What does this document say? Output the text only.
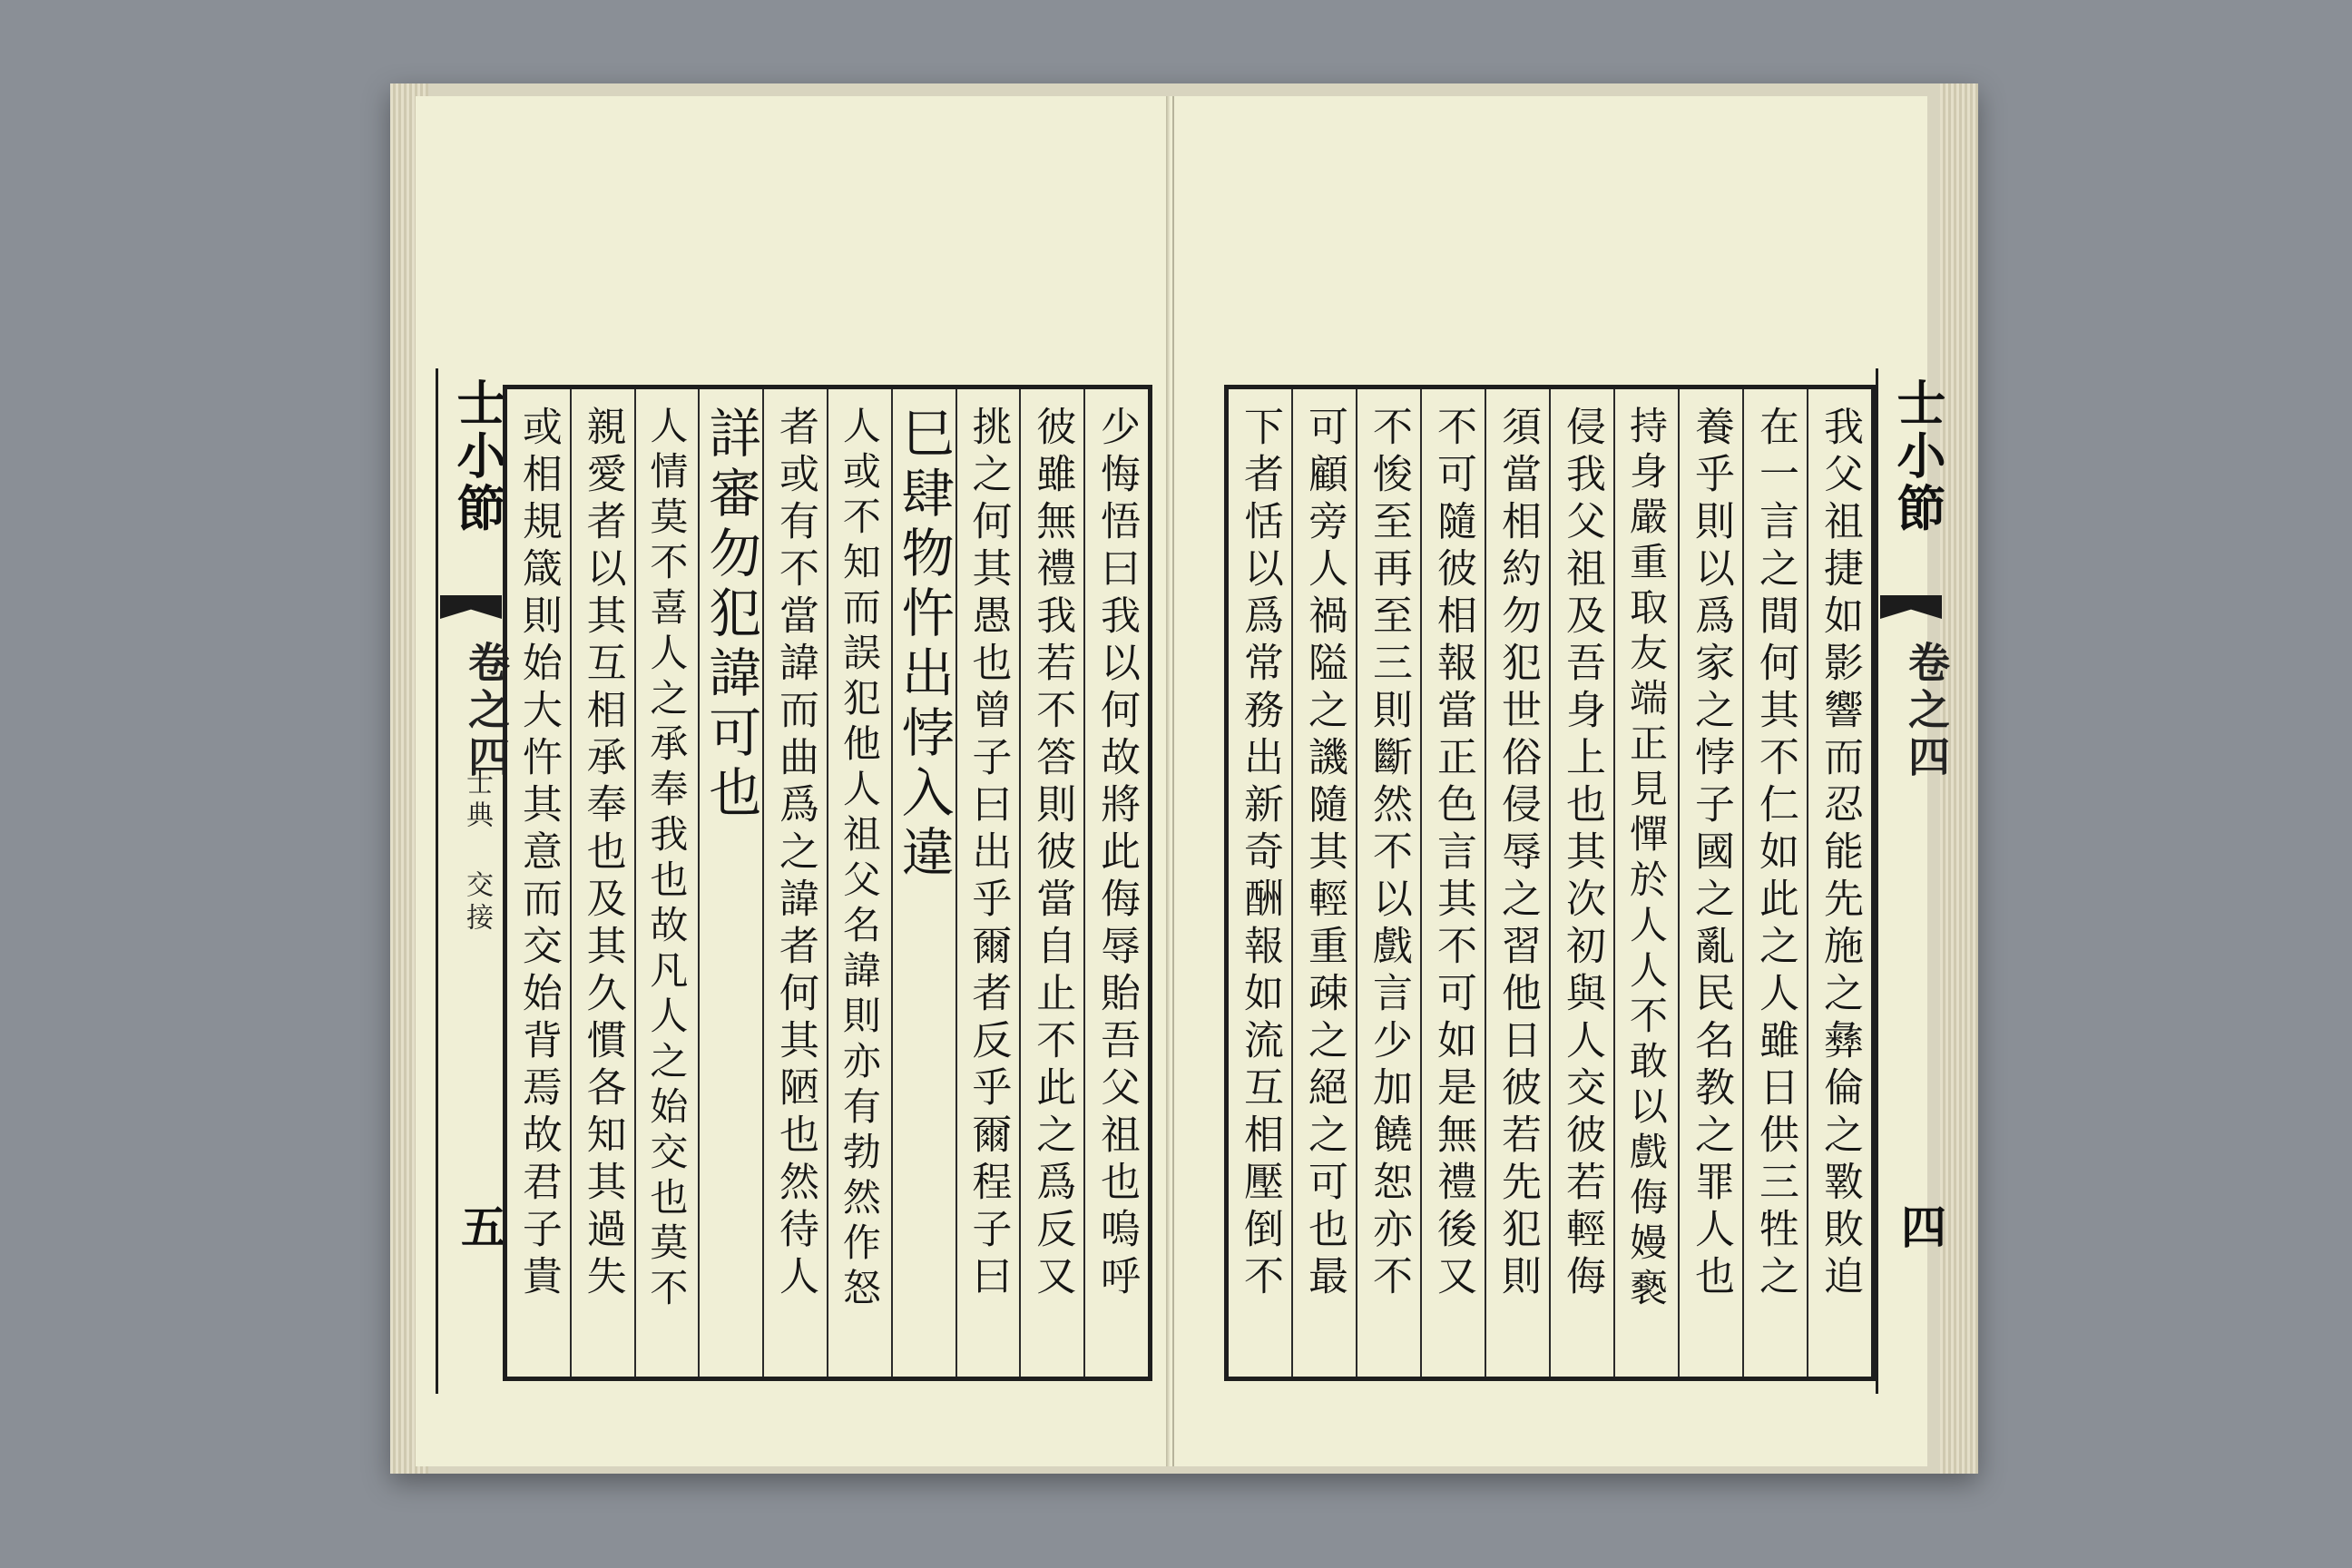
士小節
卷之四
士典 交接
五	少悔悟曰我以何故將此侮辱貽吾父祖也嗚呼
彼雖無禮我若不答則彼當自止不此之爲反又
挑之何其愚也曾子曰出乎爾者反乎爾程子曰
巳肆物忤出悖入違
人或不知而誤犯他人祖父名諱則亦有勃然作怒
者或有不當諱而曲爲之諱者何其陋也然待人
詳審勿犯諱可也
人情莫不喜人之承奉我也故凡人之始交也莫不
親愛者以其互相承奉也及其久慣各知其過失
或相規箴則始大忤其意而交始背焉故君子貴	我父祖捷如影響而忍能先施之彝倫之斁敗迫
在一言之間何其不仁如此之人雖日供三牲之
養乎則以爲家之悖子國之亂民名教之罪人也
持身嚴重取友端正見憚於人人不敢以戲侮嫚褻
侵我父祖及吾身上也其次初與人交彼若輕侮
須當相約勿犯世俗侵辱之習他日彼若先犯則
不可隨彼相報當正色言其不可如是無禮後又
不悛至再至三則斷然不以戲言少加饒恕亦不
可顧旁人禍隘之譏隨其輕重疎之絕之可也最
下者恬以爲常務出新奇酬報如流互相壓倒不	士小節
卷之四
四
